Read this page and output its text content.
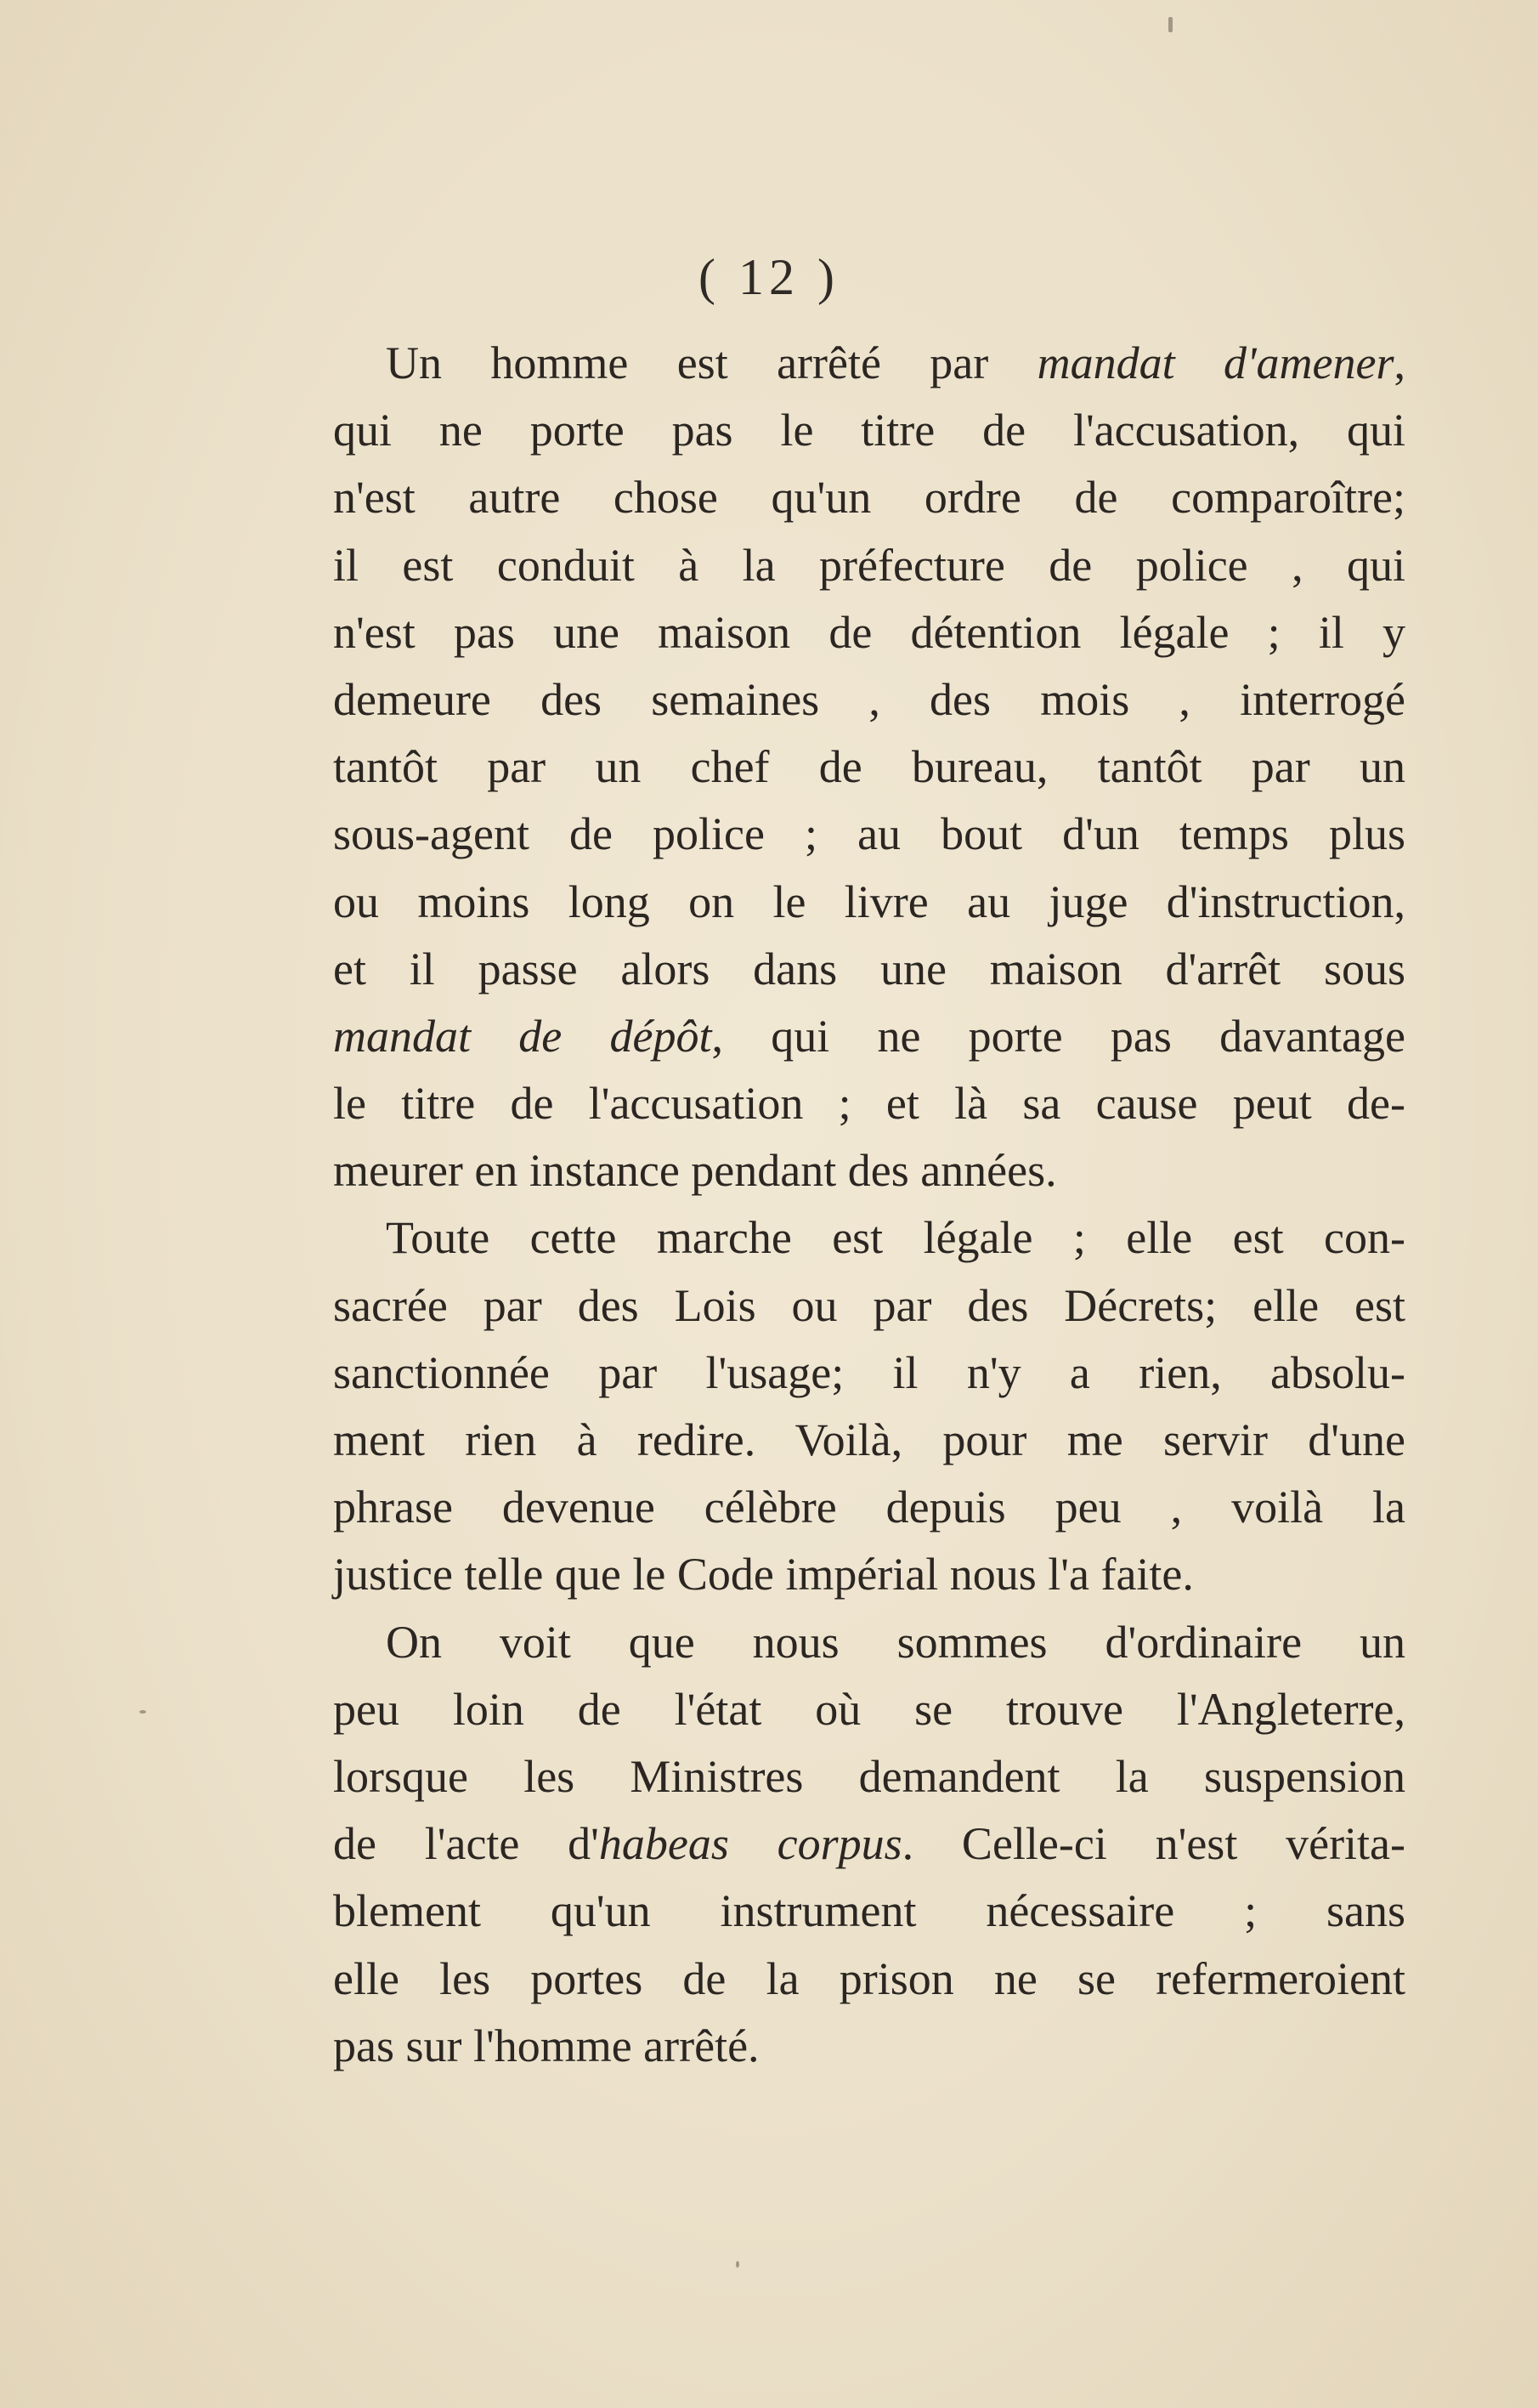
( 12 )
Un homme est arrêté par mandat d'amener,
qui ne porte pas le titre de l'accusation, qui
n'est autre chose qu'un ordre de comparoître;
il est conduit à la préfecture de police , qui
n'est pas une maison de détention légale ; il y
demeure des semaines , des mois , interrogé
tantôt par un chef de bureau, tantôt par un
sous-agent de police ; au bout d'un temps plus
ou moins long on le livre au juge d'instruction,
et il passe alors dans une maison d'arrêt sous
mandat de dépôt, qui ne porte pas davantage
le titre de l'accusation ; et là sa cause peut de-
meurer en instance pendant des années.
Toute cette marche est légale ; elle est con-
sacrée par des Lois ou par des Décrets; elle est
sanctionnée par l'usage; il n'y a rien, absolu-
ment rien à redire. Voilà, pour me servir d'une
phrase devenue célèbre depuis peu , voilà la
justice telle que le Code impérial nous l'a faite.
On voit que nous sommes d'ordinaire un
peu loin de l'état où se trouve l'Angleterre,
lorsque les Ministres demandent la suspension
de l'acte d'habeas corpus. Celle-ci n'est vérita-
blement qu'un instrument nécessaire ; sans
elle les portes de la prison ne se refermeroient
pas sur l'homme arrêté.
